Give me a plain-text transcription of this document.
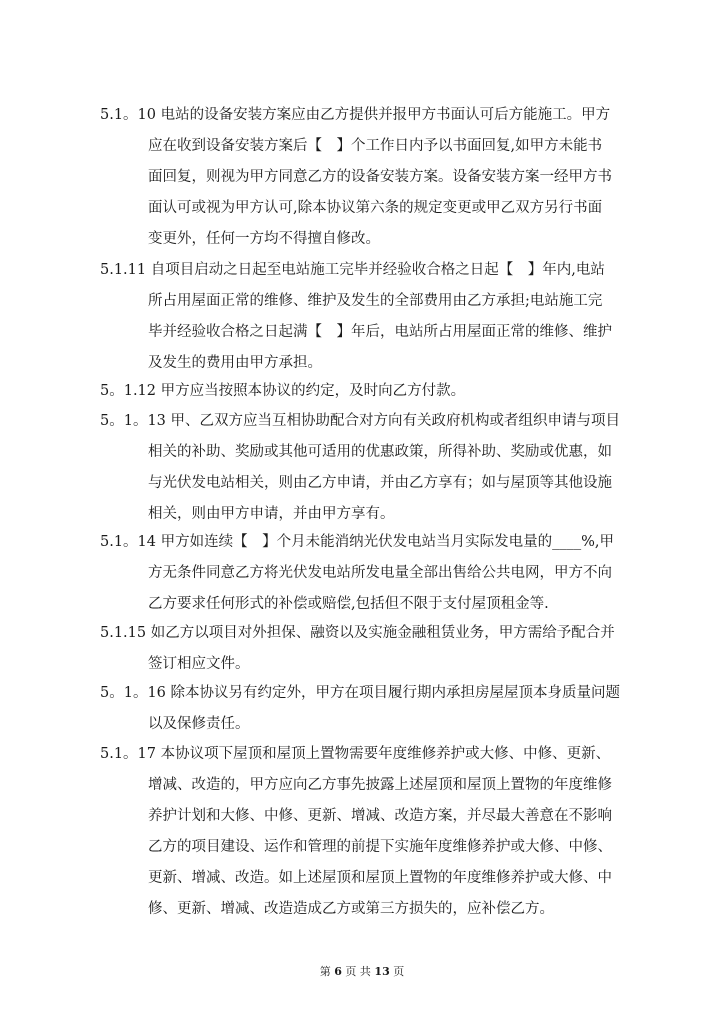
5.1。10 电站的设备安装方案应由乙方提供并报甲方书面认可后方能施工。甲方
应在收到设备安装方案后【　】个工作日内予以书面回复,如甲方未能书
面回复，则视为甲方同意乙方的设备安装方案。设备安装方案一经甲方书
面认可或视为甲方认可,除本协议第六条的规定变更或甲乙双方另行书面
变更外，任何一方均不得擅自修改。
5.1.11 自项目启动之日起至电站施工完毕并经验收合格之日起【　】年内,电站
所占用屋面正常的维修、维护及发生的全部费用由乙方承担;电站施工完
毕并经验收合格之日起满【　】年后，电站所占用屋面正常的维修、维护
及发生的费用由甲方承担。
5。1.12 甲方应当按照本协议的约定，及时向乙方付款。
5。1。13 甲、乙双方应当互相协助配合对方向有关政府机构或者组织申请与项目
相关的补助、奖励或其他可适用的优惠政策，所得补助、奖励或优惠，如
与光伏发电站相关，则由乙方申请，并由乙方享有；如与屋顶等其他设施
相关，则由甲方申请，并由甲方享有。
5.1。14 甲方如连续【　】个月未能消纳光伏发电站当月实际发电量的____%,甲
方无条件同意乙方将光伏发电站所发电量全部出售给公共电网，甲方不向
乙方要求任何形式的补偿或赔偿,包括但不限于支付屋顶租金等.
5.1.15 如乙方以项目对外担保、融资以及实施金融租赁业务，甲方需给予配合并
签订相应文件。
5。1。16 除本协议另有约定外，甲方在项目履行期内承担房屋屋顶本身质量问题
以及保修责任。
5.1。17 本协议项下屋顶和屋顶上置物需要年度维修养护或大修、中修、更新、
增减、改造的，甲方应向乙方事先披露上述屋顶和屋顶上置物的年度维修
养护计划和大修、中修、更新、增减、改造方案，并尽最大善意在不影响
乙方的项目建设、运作和管理的前提下实施年度维修养护或大修、中修、
更新、增减、改造。如上述屋顶和屋顶上置物的年度维修养护或大修、中
修、更新、增减、改造造成乙方或第三方损失的，应补偿乙方。
第 6 页 共 13 页
